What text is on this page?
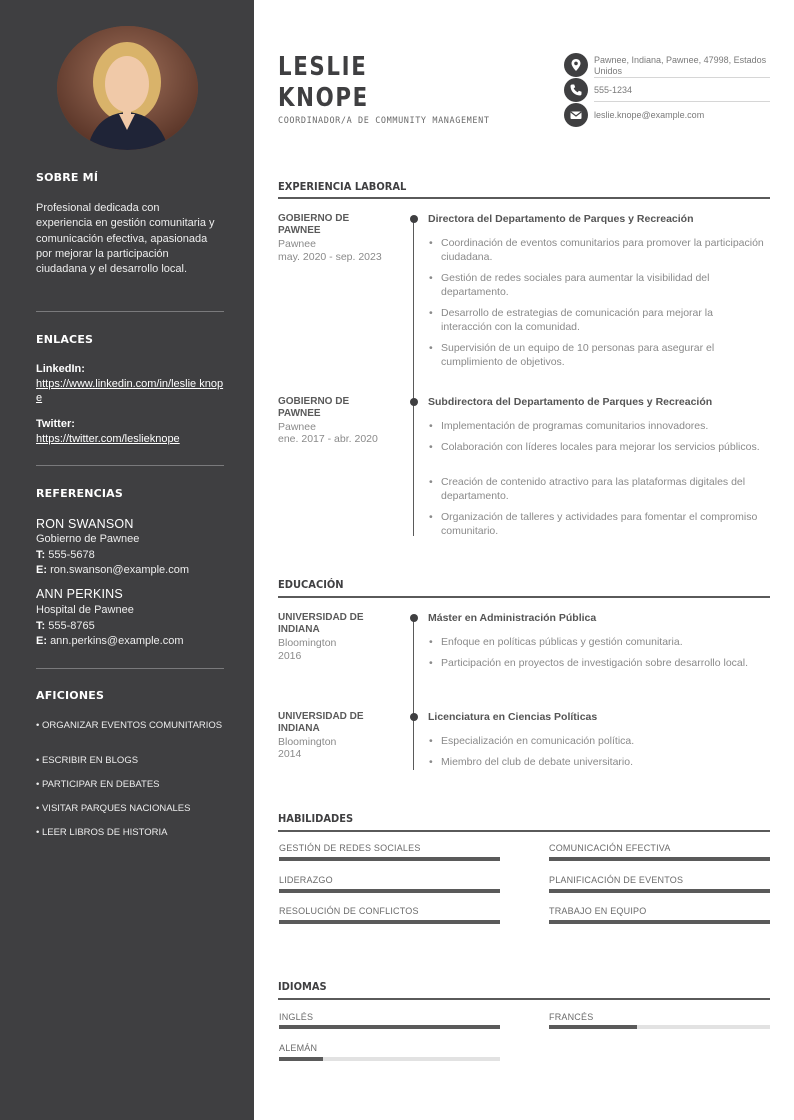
SOBRE MÍ
Profesional dedicada con experiencia en gestión comunitaria y comunicación efectiva, apasionada por mejorar la participación ciudadana y el desarrollo local.
ENLACES
LinkedIn:
https://www.linkedin.com/in/leslie knope
Twitter:
https://twitter.com/leslieknope
REFERENCIAS
RON SWANSON
Gobierno de Pawnee
T: 555-5678
E: ron.swanson@example.com
ANN PERKINS
Hospital de Pawnee
T: 555-8765
E: ann.perkins@example.com
AFICIONES
• ORGANIZAR EVENTOS COMUNITARIOS
• ESCRIBIR EN BLOGS
• PARTICIPAR EN DEBATES
• VISITAR PARQUES NACIONALES
• LEER LIBROS DE HISTORIA
LESLIE
KNOPE
COORDINADOR/A DE COMMUNITY MANAGEMENT
Pawnee, Indiana, Pawnee, 47998, Estados Unidos
555-1234
leslie.knope@example.com
EXPERIENCIA LABORAL
GOBIERNO DE PAWNEE
Pawnee
may. 2020 - sep. 2023
Directora del Departamento de Parques y Recreación
• Coordinación de eventos comunitarios para promover la participación ciudadana.
• Gestión de redes sociales para aumentar la visibilidad del departamento.
• Desarrollo de estrategias de comunicación para mejorar la interacción con la comunidad.
• Supervisión de un equipo de 10 personas para asegurar el cumplimiento de objetivos.
GOBIERNO DE PAWNEE
Pawnee
ene. 2017 - abr. 2020
Subdirectora del Departamento de Parques y Recreación
• Implementación de programas comunitarios innovadores.
• Colaboración con líderes locales para mejorar los servicios públicos.
• Creación de contenido atractivo para las plataformas digitales del departamento.
• Organización de talleres y actividades para fomentar el compromiso comunitario.
EDUCACIÓN
UNIVERSIDAD DE INDIANA
Bloomington
2016
Máster en Administración Pública
• Enfoque en políticas públicas y gestión comunitaria.
• Participación en proyectos de investigación sobre desarrollo local.
UNIVERSIDAD DE INDIANA
Bloomington
2014
Licenciatura en Ciencias Políticas
• Especialización en comunicación política.
• Miembro del club de debate universitario.
HABILIDADES
GESTIÓN DE REDES SOCIALES	COMUNICACIÓN EFECTIVA
LIDERAZGO	PLANIFICACIÓN DE EVENTOS
RESOLUCIÓN DE CONFLICTOS	TRABAJO EN EQUIPO
IDIOMAS
INGLÉS	FRANCÉS
ALEMÁN
